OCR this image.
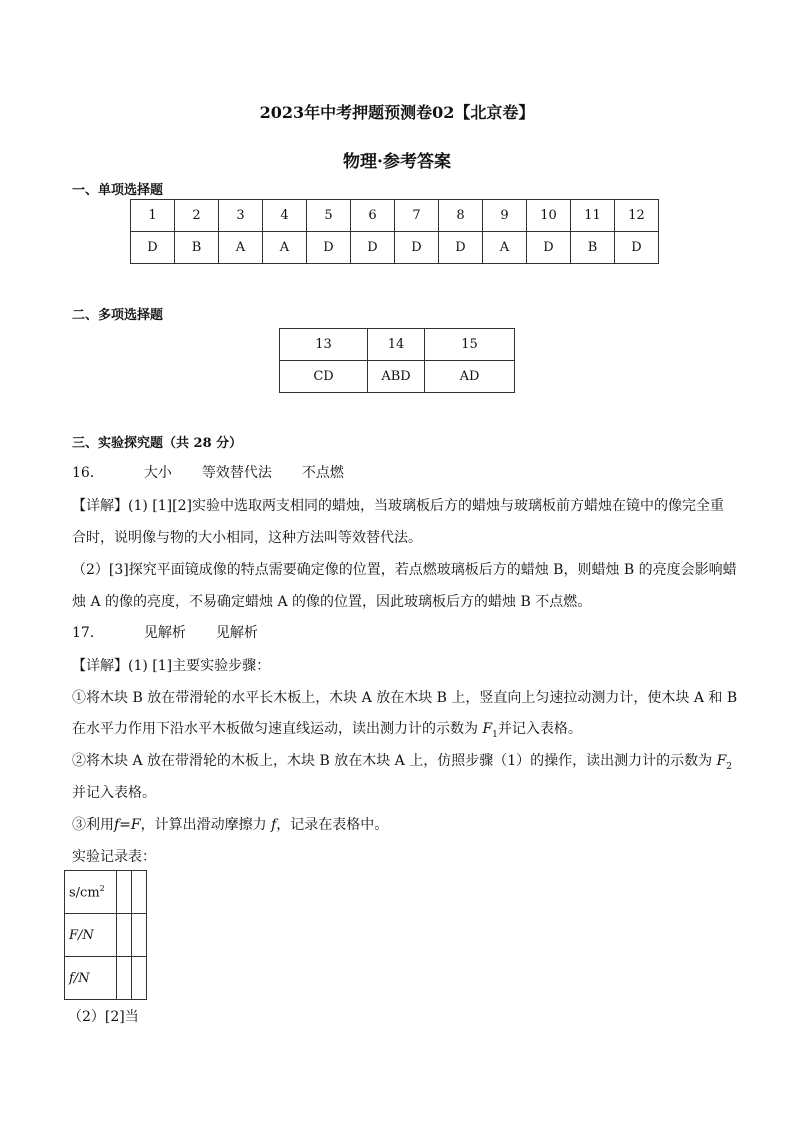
2023年中考押题预测卷02【北京卷】
物理·参考答案
一、单项选择题
1	2	3	4	5	6	7	8	9	10	11	12
D	B	A	A	D	D	D	D	A	D	B	D
二、多项选择题
13	14	15
CD	ABD	AD
三、实验探究题（共 28 分）
16．	大小 等效替代法 不点燃
【详解】(1) [1][2]实验中选取两支相同的蜡烛，当玻璃板后方的蜡烛与玻璃板前方蜡烛在镜中的像完全重
合时，说明像与物的大小相同，这种方法叫等效替代法。
（2）[3]探究平面镜成像的特点需要确定像的位置，若点燃玻璃板后方的蜡烛 B，则蜡烛 B 的亮度会影响蜡
烛 A 的像的亮度，不易确定蜡烛 A 的像的位置，因此玻璃板后方的蜡烛 B 不点燃。
17．	见解析 见解析
【详解】(1) [1]主要实验步骤：
①将木块 B 放在带滑轮的水平长木板上，木块 A 放在木块 B 上，竖直向上匀速拉动测力计，使木块 A 和 B
在水平力作用下沿水平木板做匀速直线运动，读出测力计的示数为 $F_1$并记入表格。
②将木块 A 放在带滑轮的木板上，木块 B 放在木块 A 上，仿照步骤（1）的操作，读出测力计的示数为 $F_2$
并记入表格。
③利用f=F，计算出滑动摩擦力 f，记录在表格中。
实验记录表：
$s/cm^2$		
F/N		
f/N		
（2）[2]当
